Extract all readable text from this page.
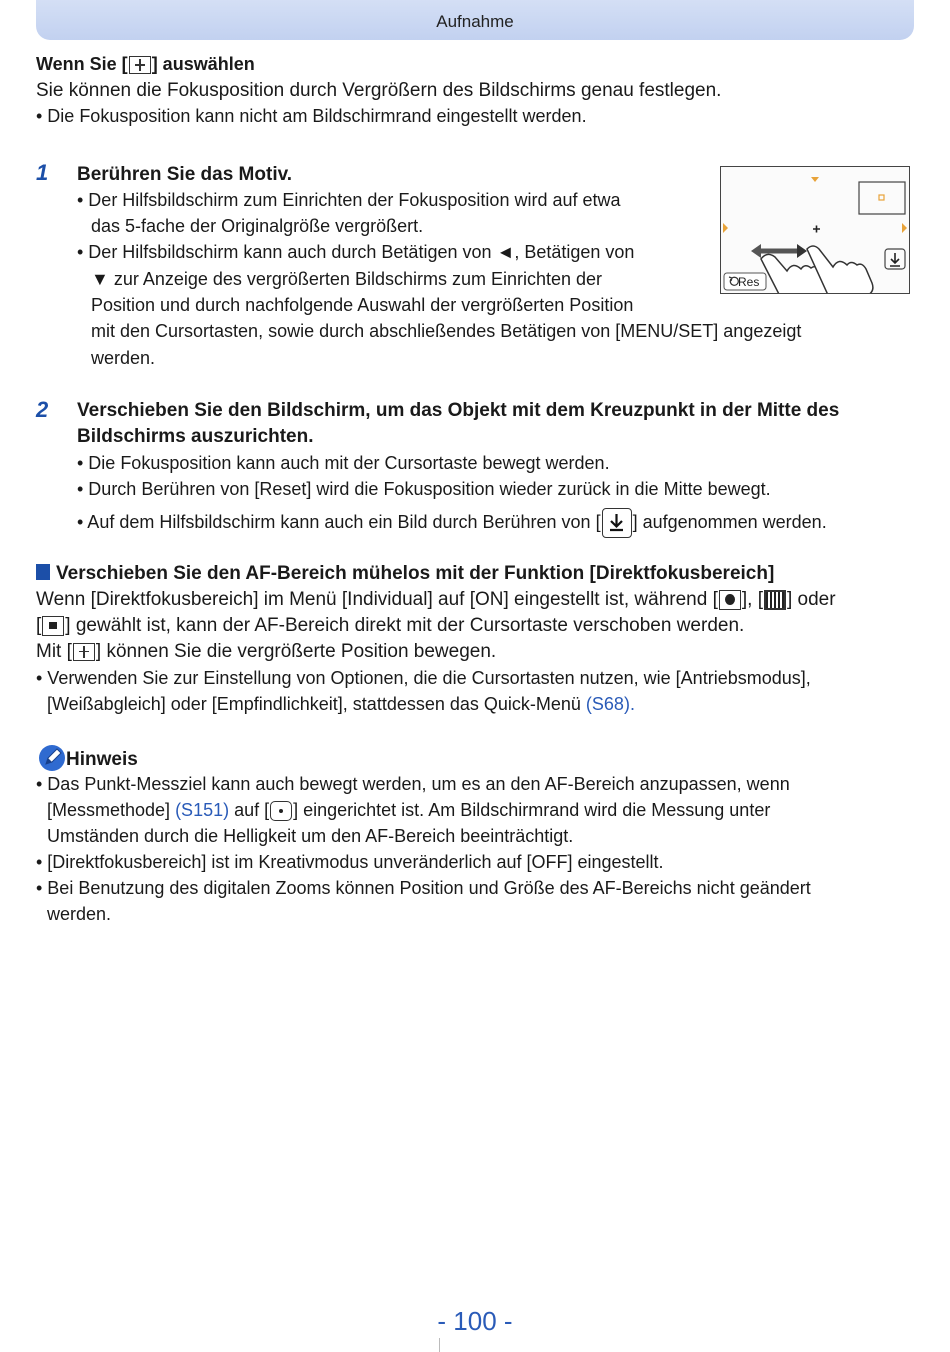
Aufnahme
Wenn Sie [ ] auswählen
Sie können die Fokusposition durch Vergrößern des Bildschirms genau festlegen.
• Die Fokusposition kann nicht am Bildschirmrand eingestellt werden.
1 Berühren Sie das Motiv.
• Der Hilfsbildschirm zum Einrichten der Fokusposition wird auf etwa
das 5-fache der Originalgröße vergrößert.
• Der Hilfsbildschirm kann auch durch Betätigen von ◄, Betätigen von
▼ zur Anzeige des vergrößerten Bildschirms zum Einrichten der
Position und durch nachfolgende Auswahl der vergrößerten Position
mit den Cursortasten, sowie durch abschließendes Betätigen von [MENU/SET] angezeigt
werden.
Res
2 Verschieben Sie den Bildschirm, um das Objekt mit dem Kreuzpunkt in der Mitte des
Bildschirms auszurichten.
• Die Fokusposition kann auch mit der Cursortaste bewegt werden.
• Durch Berühren von [Reset] wird die Fokusposition wieder zurück in die Mitte bewegt.
• Auf dem Hilfsbildschirm kann auch ein Bild durch Berühren von [ ] aufgenommen werden.
Verschieben Sie den AF-Bereich mühelos mit der Funktion [Direktfokusbereich]
Wenn [Direktfokusbereich] im Menü [Individual] auf [ON] eingestellt ist, während [ ], [ ] oder
[ ] gewählt ist, kann der AF-Bereich direkt mit der Cursortaste verschoben werden.
Mit [ ] können Sie die vergrößerte Position bewegen.
• Verwenden Sie zur Einstellung von Optionen, die die Cursortasten nutzen, wie [Antriebsmodus],
[Weißabgleich] oder [Empfindlichkeit], stattdessen das Quick-Menü (S68).
Hinweis
• Das Punkt-Messziel kann auch bewegt werden, um es an den AF-Bereich anzupassen, wenn
[Messmethode] (S151) auf [ ] eingerichtet ist. Am Bildschirmrand wird die Messung unter
Umständen durch die Helligkeit um den AF-Bereich beeinträchtigt.
• [Direktfokusbereich] ist im Kreativmodus unveränderlich auf [OFF] eingestellt.
• Bei Benutzung des digitalen Zooms können Position und Größe des AF-Bereichs nicht geändert
werden.
- 100 -
